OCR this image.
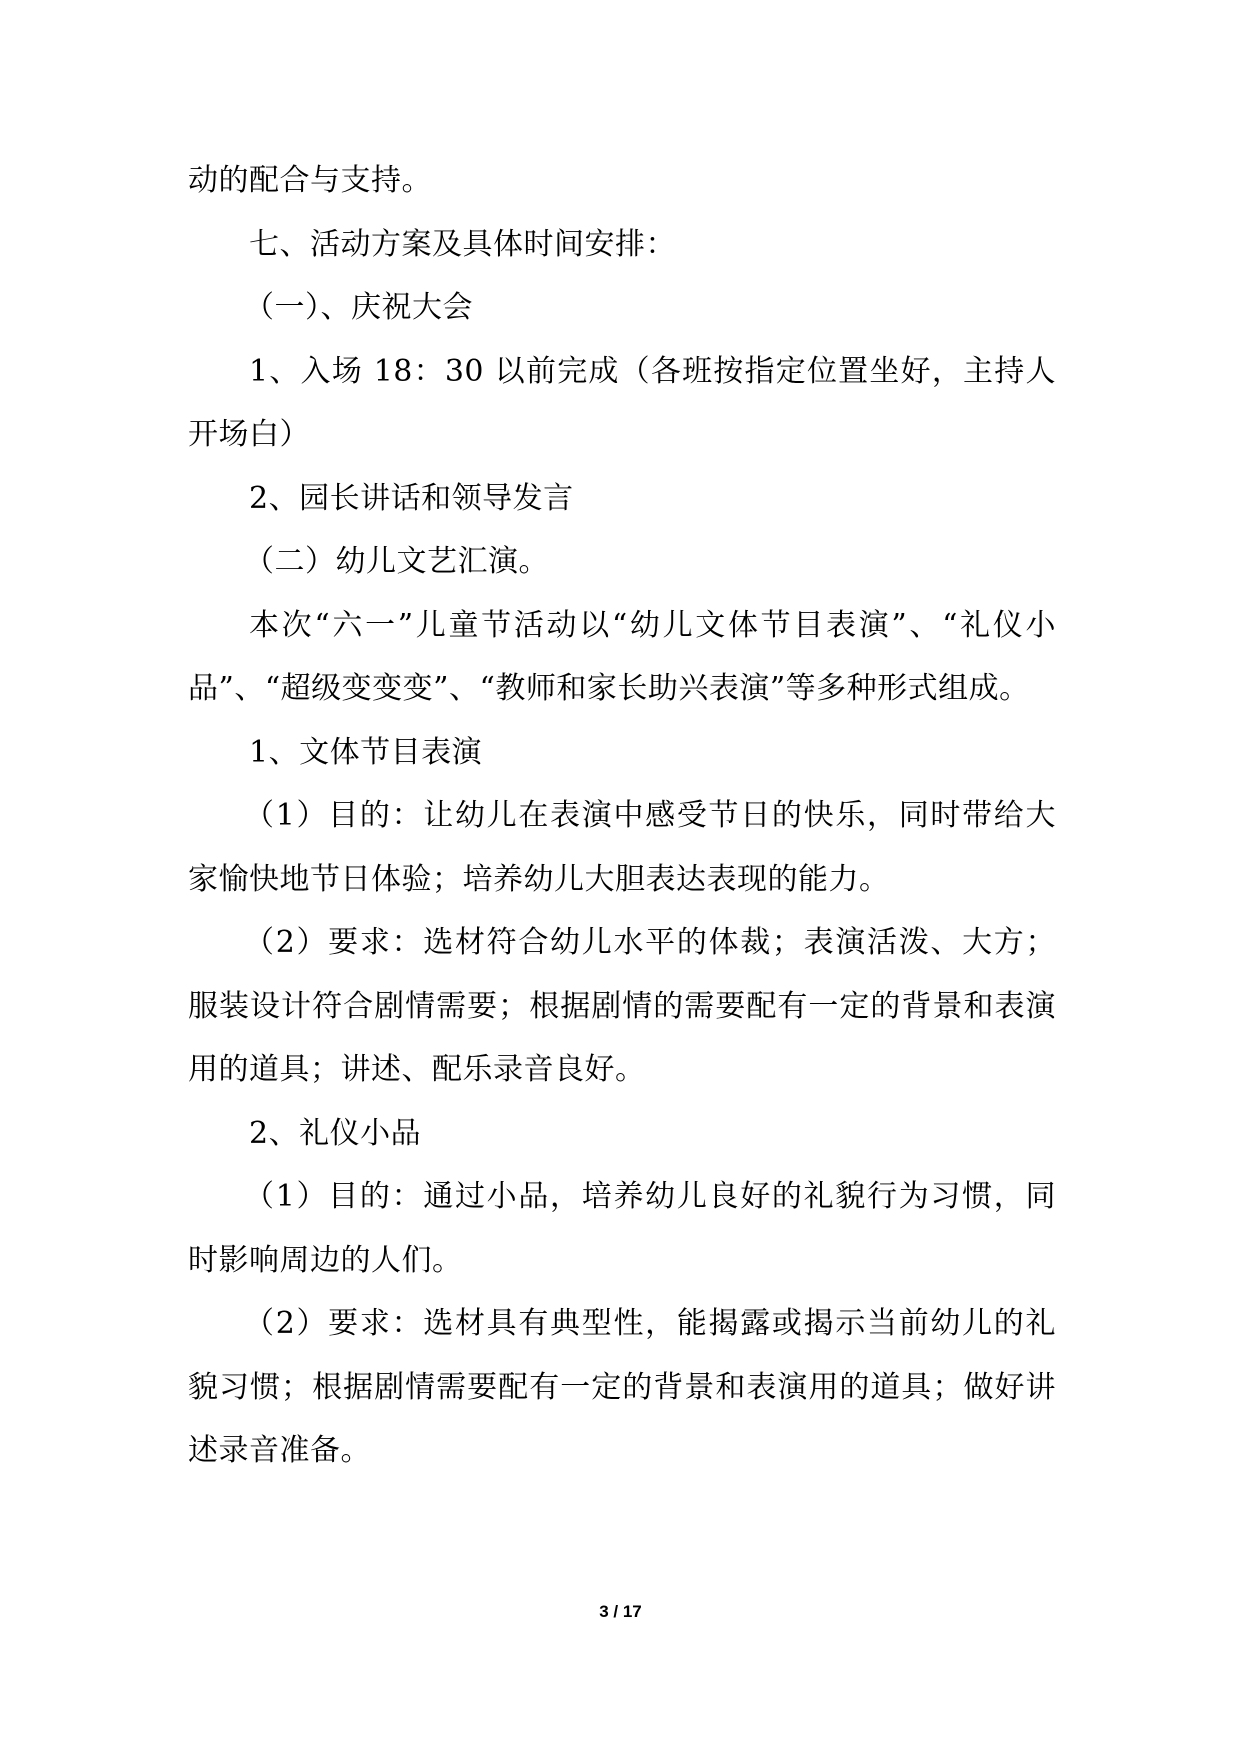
动的配合与支持。

七、活动方案及具体时间安排：

（一）、庆祝大会

1、入场 18：30 以前完成（各班按指定位置坐好，主持人开场白）

2、园长讲话和领导发言

（二）幼儿文艺汇演。

本次“六一”儿童节活动以“幼儿文体节目表演”、“礼仪小品”、“超级变变变”、“教师和家长助兴表演”等多种形式组成。

1、文体节目表演

（1）目的：让幼儿在表演中感受节日的快乐，同时带给大家愉快地节日体验；培养幼儿大胆表达表现的能力。

（2）要求：选材符合幼儿水平的体裁；表演活泼、大方；服装设计符合剧情需要；根据剧情的需要配有一定的背景和表演用的道具；讲述、配乐录音良好。

2、礼仪小品

（1）目的：通过小品，培养幼儿良好的礼貌行为习惯，同时影响周边的人们。

（2）要求：选材具有典型性，能揭露或揭示当前幼儿的礼貌习惯；根据剧情需要配有一定的背景和表演用的道具；做好讲述录音准备。

3 / 17
